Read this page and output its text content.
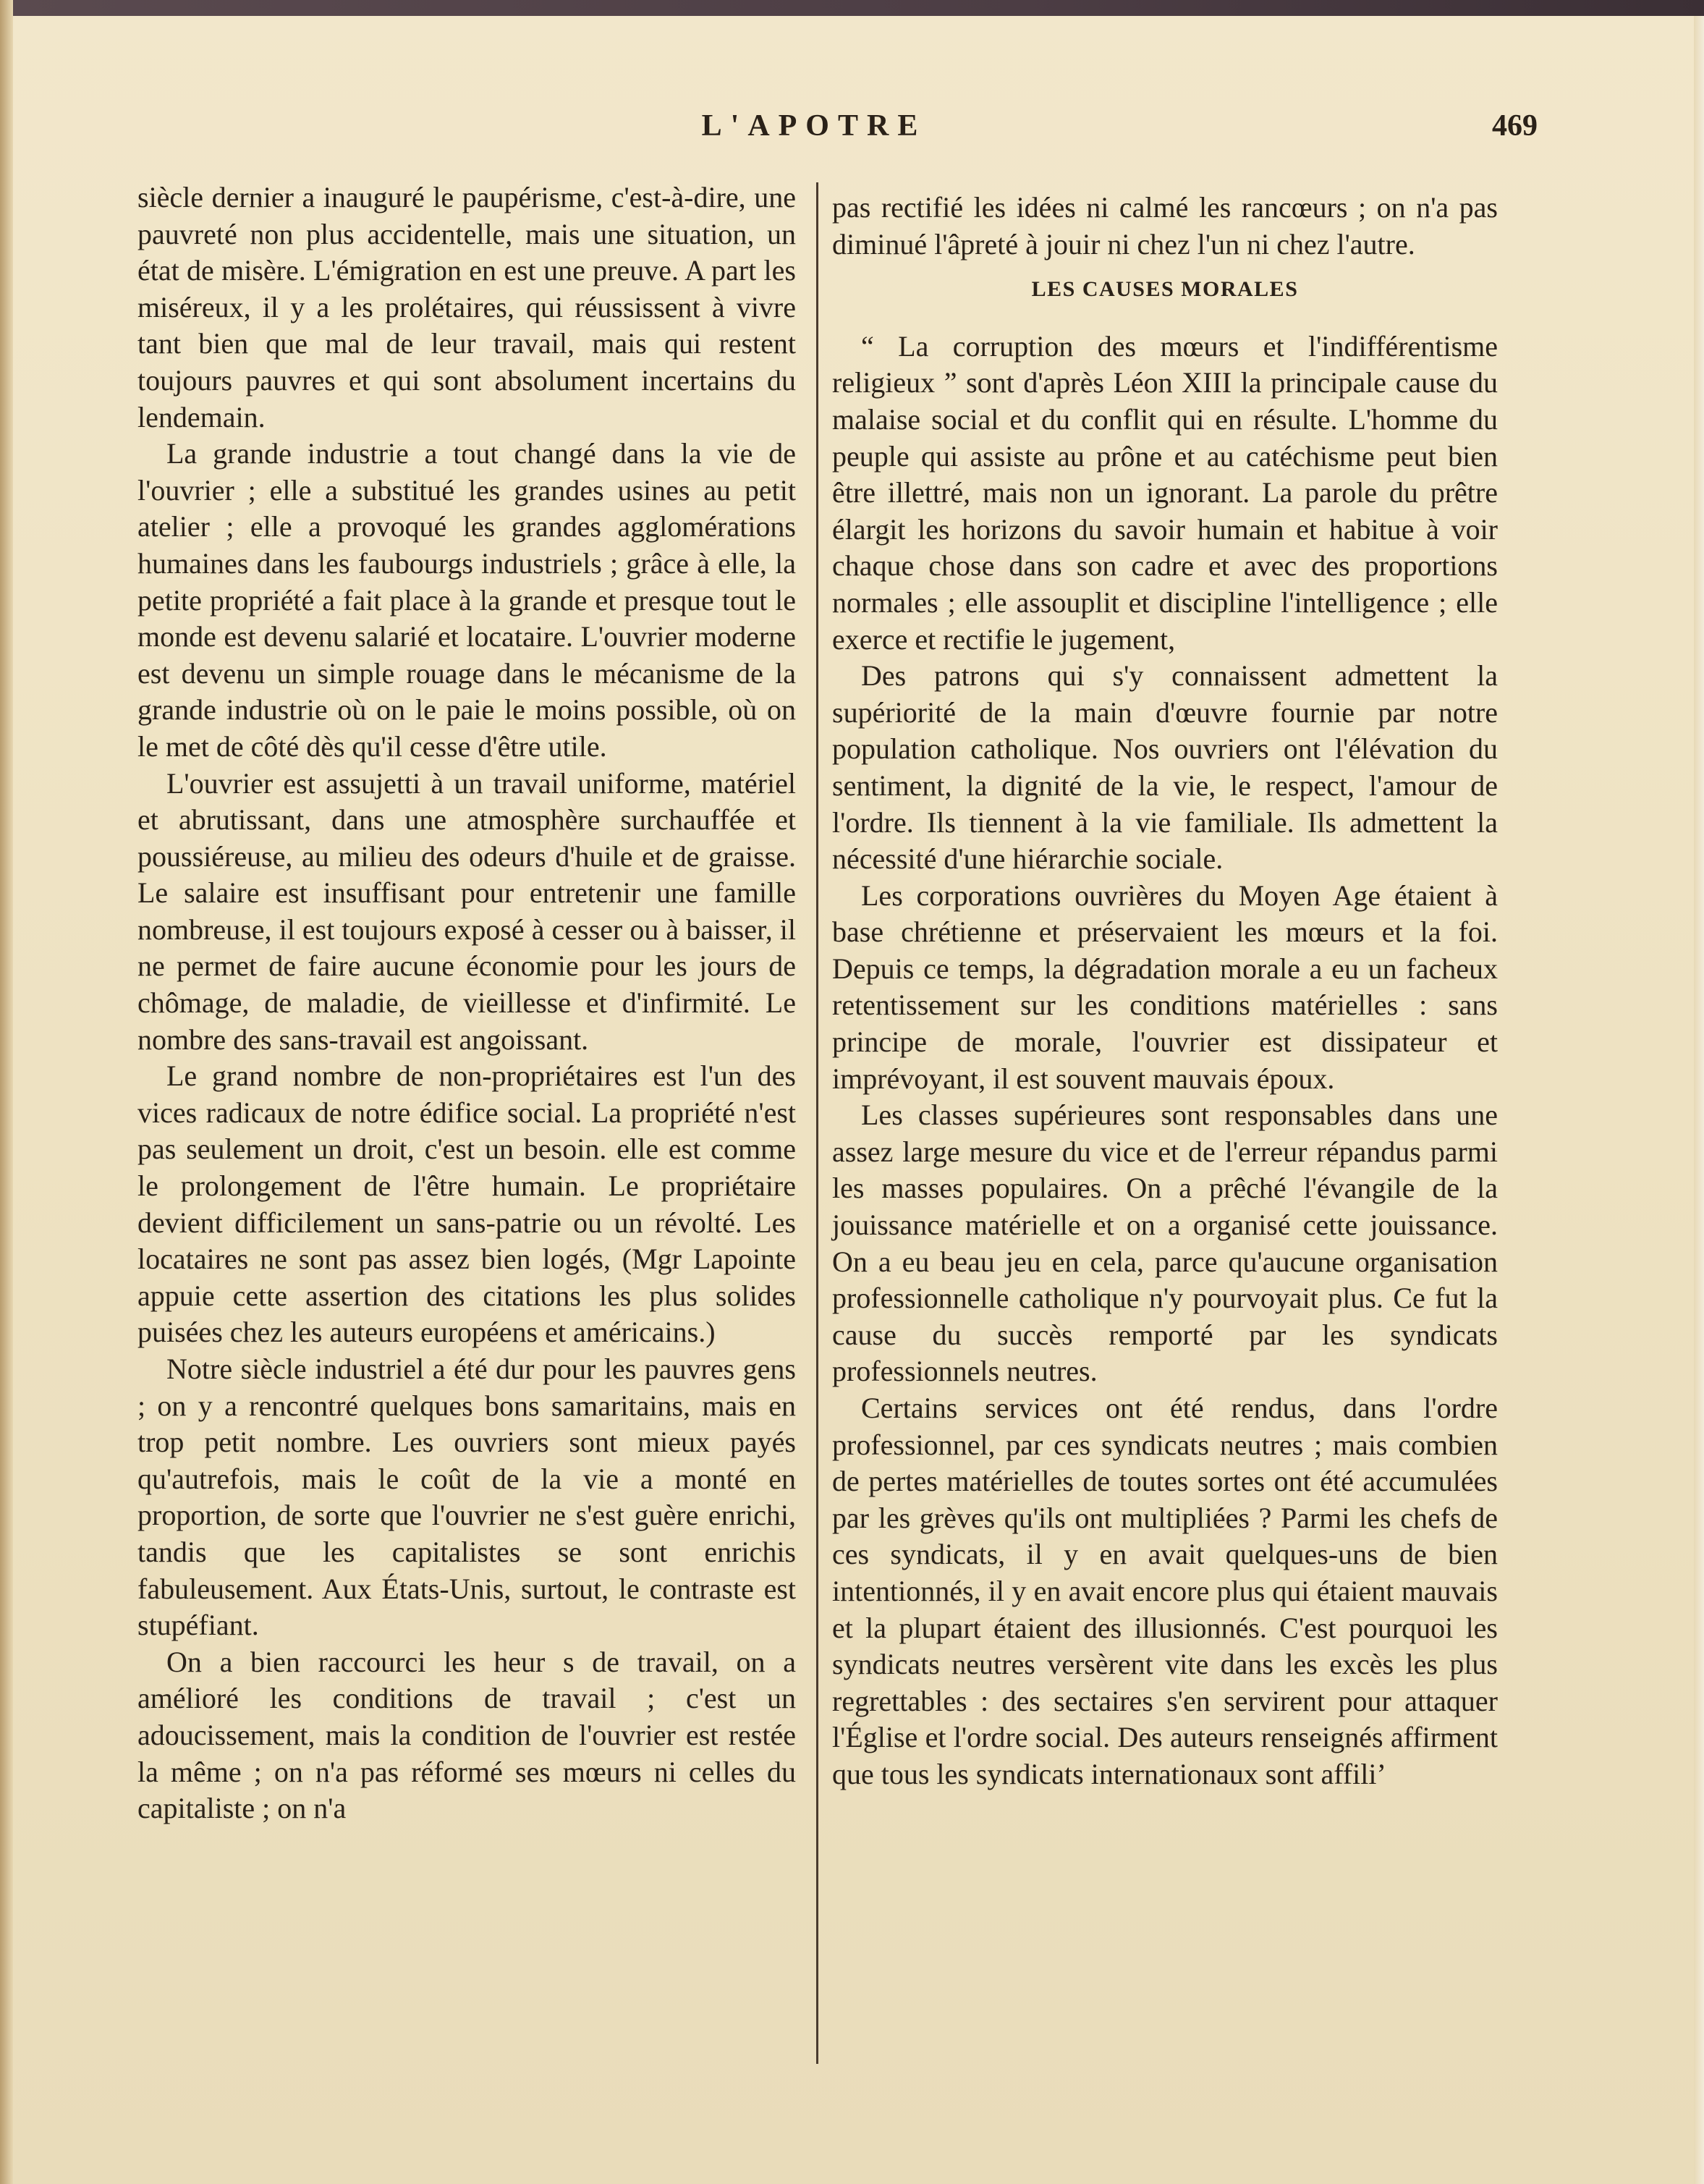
L'APOTRE	469

siècle dernier a inauguré le paupérisme, c'est-à-dire, une pauvreté non plus accidentelle, mais une situation, un état de misère. L'émigration en est une preuve. A part les miséreux, il y a les prolétaires, qui réussissent à vivre tant bien que mal de leur travail, mais qui restent toujours pauvres et qui sont absolument incertains du lendemain.

La grande industrie a tout changé dans la vie de l'ouvrier ; elle a substitué les grandes usines au petit atelier ; elle a provoqué les grandes agglomérations humaines dans les faubourgs industriels ; grâce à elle, la petite propriété a fait place à la grande et presque tout le monde est devenu salarié et locataire. L'ouvrier moderne est devenu un simple rouage dans le mécanisme de la grande industrie où on le paie le moins possible, où on le met de côté dès qu'il cesse d'être utile.

L'ouvrier est assujetti à un travail uniforme, matériel et abrutissant, dans une atmosphère surchauffée et poussiéreuse, au milieu des odeurs d'huile et de graisse. Le salaire est insuffisant pour entretenir une famille nombreuse, il est toujours exposé à cesser ou à baisser, il ne permet de faire aucune économie pour les jours de chômage, de maladie, de vieillesse et d'infirmité. Le nombre des sans-travail est angoissant.

Le grand nombre de non-propriétaires est l'un des vices radicaux de notre édifice social. La propriété n'est pas seulement un droit, c'est un besoin. elle est comme le prolongement de l'être humain. Le propriétaire devient difficilement un sans-patrie ou un révolté. Les locataires ne sont pas assez bien logés, (Mgr Lapointe appuie cette assertion des citations les plus solides puisées chez les auteurs européens et américains.)

Notre siècle industriel a été dur pour les pauvres gens ; on y a rencontré quelques bons samaritains, mais en trop petit nombre. Les ouvriers sont mieux payés qu'autrefois, mais le coût de la vie a monté en proportion, de sorte que l'ouvrier ne s'est guère enrichi, tandis que les capitalistes se sont enrichis fabuleusement. Aux États-Unis, surtout, le contraste est stupéfiant.

On a bien raccourci les heur s de travail, on a amélioré les conditions de travail ; c'est un adoucissement, mais la condition de l'ouvrier est restée la même ; on n'a pas réformé ses mœurs ni celles du capitaliste ; on n'a

pas rectifié les idées ni calmé les rancœurs ; on n'a pas diminué l'âpreté à jouir ni chez l'un ni chez l'autre.

LES CAUSES MORALES

“ La corruption des mœurs et l'indifférentisme religieux ” sont d'après Léon XIII la principale cause du malaise social et du conflit qui en résulte. L'homme du peuple qui assiste au prône et au catéchisme peut bien être illettré, mais non un ignorant. La parole du prêtre élargit les horizons du savoir humain et habitue à voir chaque chose dans son cadre et avec des proportions normales ; elle assouplit et discipline l'intelligence ; elle exerce et rectifie le jugement,

Des patrons qui s'y connaissent admettent la supériorité de la main d'œuvre fournie par notre population catholique. Nos ouvriers ont l'élévation du sentiment, la dignité de la vie, le respect, l'amour de l'ordre. Ils tiennent à la vie familiale. Ils admettent la nécessité d'une hiérarchie sociale.

Les corporations ouvrières du Moyen Age étaient à base chrétienne et préservaient les mœurs et la foi. Depuis ce temps, la dégradation morale a eu un facheux retentissement sur les conditions matérielles : sans principe de morale, l'ouvrier est dissipateur et imprévoyant, il est souvent mauvais époux.

Les classes supérieures sont responsables dans une assez large mesure du vice et de l'erreur répandus parmi les masses populaires. On a prêché l'évangile de la jouissance matérielle et on a organisé cette jouissance. On a eu beau jeu en cela, parce qu'aucune organisation professionnelle catholique n'y pourvoyait plus. Ce fut la cause du succès remporté par les syndicats professionnels neutres.

Certains services ont été rendus, dans l'ordre professionnel, par ces syndicats neutres ; mais combien de pertes matérielles de toutes sortes ont été accumulées par les grèves qu'ils ont multipliées ? Parmi les chefs de ces syndicats, il y en avait quelques-uns de bien intentionnés, il y en avait encore plus qui étaient mauvais et la plupart étaient des illusionnés. C'est pourquoi les syndicats neutres versèrent vite dans les excès les plus regrettables : des sectaires s'en servirent pour attaquer l'Église et l'ordre social. Des auteurs renseignés affirment que tous les syndicats internationaux sont affili’
